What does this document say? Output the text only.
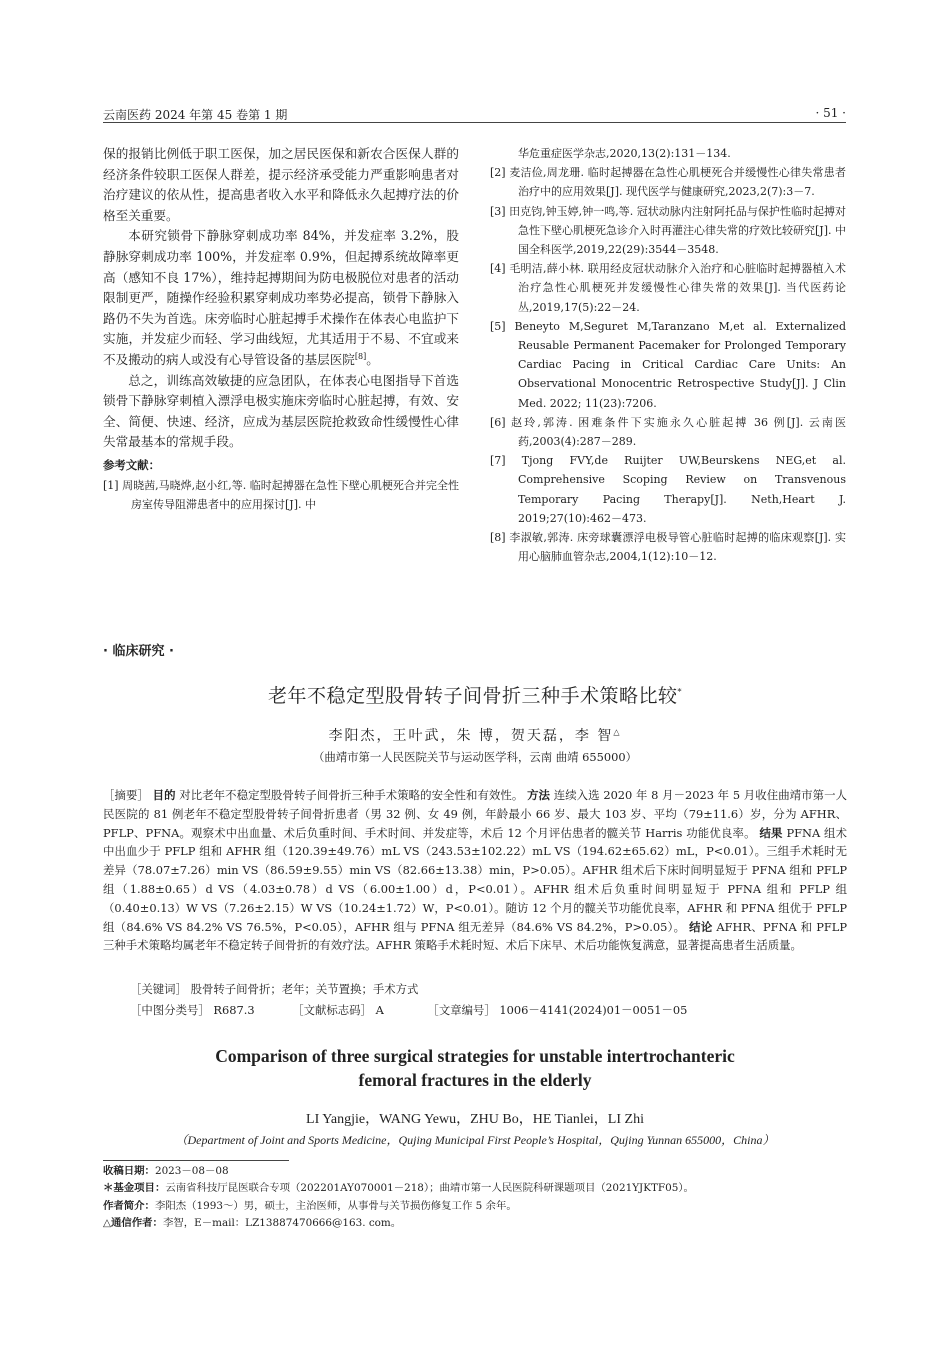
云南医药 2024 年第 45 卷第 1 期	· 51 ·

保的报销比例低于职工医保，加之居民医保和新农合医保人群的经济条件较职工医保人群差，提示经济承受能力严重影响患者对治疗建议的依从性，提高患者收入水平和降低永久起搏疗法的价格至关重要。

本研究锁骨下静脉穿刺成功率 84%，并发症率 3.2%，股静脉穿刺成功率 100%，并发症率 0.9%，但起搏系统故障率更高（感知不良 17%），维持起搏期间为防电极脱位对患者的活动限制更严，随操作经验积累穿刺成功率势必提高，锁骨下静脉入路仍不失为首选。床旁临时心脏起搏手术操作在体表心电监护下实施，并发症少而轻、学习曲线短，尤其适用于不易、不宜或来不及搬动的病人或没有心导管设备的基层医院[8]。

总之，训练高效敏捷的应急团队，在体表心电图指导下首选锁骨下静脉穿刺植入漂浮电极实施床旁临时心脏起搏，有效、安全、简便、快速、经济，应成为基层医院抢救致命性缓慢性心律失常最基本的常规手段。

参考文献：

[1] 周晓茜,马晓烨,赵小红,等. 临时起搏器在急性下壁心肌梗死合并完全性房室传导阻滞患者中的应用探讨[J]. 中

华危重症医学杂志,2020,13(2):131－134.

[2] 麦洁俭,周龙珊. 临时起搏器在急性心肌梗死合并缓慢性心律失常患者治疗中的应用效果[J]. 现代医学与健康研究,2023,2(7):3－7.

[3] 田克钧,钟玉婷,钟一鸣,等. 冠状动脉内注射阿托品与保护性临时起搏对急性下壁心肌梗死急诊介入时再灌注心律失常的疗效比较研究[J]. 中国全科医学,2019,22(29):3544－3548.

[4] 毛明洁,薛小林. 联用经皮冠状动脉介入治疗和心脏临时起搏器植入术治疗急性心肌梗死并发缓慢性心律失常的效果[J]. 当代医药论丛,2019,17(5):22－24.

[5] Beneyto M,Seguret M,Taranzano M,et al. Externalized Reusable Permanent Pacemaker for Prolonged Temporary Cardiac Pacing in Critical Cardiac Care Units: An Observational Monocentric Retrospective Study[J]. J Clin Med. 2022; 11(23):7206.

[6] 赵玲,郭涛. 困难条件下实施永久心脏起搏 36 例[J]. 云南医药,2003(4):287－289.

[7] Tjong FVY,de Ruijter UW,Beurskens NEG,et al. Comprehensive Scoping Review on Transvenous Temporary Pacing Therapy[J]. Neth,Heart J. 2019;27(10):462－473.

[8] 李淑敏,郭涛. 床旁球囊漂浮电极导管心脏临时起搏的临床观察[J]. 实用心脑肺血管杂志,2004,1(12):10－12.

· 临床研究 ·
老年不稳定型股骨转子间骨折三种手术策略比较*
李阳杰，王叶武，朱 博，贺天磊，李 智△
（曲靖市第一人民医院关节与运动医学科，云南 曲靖 655000）
［摘要］ 目的 对比老年不稳定型股骨转子间骨折三种手术策略的安全性和有效性。 方法 连续入选 2020 年 8 月－2023 年 5 月收住曲靖市第一人民医院的 81 例老年不稳定型股骨转子间骨折患者（男 32 例、女 49 例，年龄最小 66 岁、最大 103 岁、平均（79±11.6）岁，分为 AFHR、PFLP、PFNA。观察术中出血量、术后负重时间、手术时间、并发症等，术后 12 个月评估患者的髋关节 Harris 功能优良率。 结果 PFNA 组术中出血少于 PFLP 组和 AFHR 组（120.39±49.76）mL VS（243.53±102.22）mL VS（194.62±65.62）mL，P<0.01）。三组手术耗时无差异（78.07±7.26）min VS（86.59±9.55）min VS（82.66±13.38）min，P>0.05）。AFHR 组术后下床时间明显短于 PFNA 组和 PFLP 组（1.88±0.65）d VS（4.03±0.78）d VS（6.00±1.00）d，P<0.01）。AFHR 组术后负重时间明显短于 PFNA 组和 PFLP 组（0.40±0.13）W VS（7.26±2.15）W VS（10.24±1.72）W，P<0.01）。随访 12 个月的髋关节功能优良率，AFHR 和 PFNA 组优于 PFLP 组（84.6% VS 84.2% VS 76.5%，P<0.05），AFHR 组与 PFNA 组无差异（84.6% VS 84.2%，P>0.05）。 结论 AFHR、PFNA 和 PFLP 三种手术策略均属老年不稳定转子间骨折的有效疗法。AFHR 策略手术耗时短、术后下床早、术后功能恢复满意，显著提高患者生活质量。
［关键词］ 股骨转子间骨折；老年；关节置换；手术方式
［中图分类号］ R687.3	［文献标志码］ A	［文章编号］ 1006－4141(2024)01－0051－05
Comparison of three surgical strategies for unstable intertrochanteric
femoral fractures in the elderly
LI Yangjie，WANG Yewu，ZHU Bo，HE Tianlei，LI Zhi
（Department of Joint and Sports Medicine，Qujing Municipal First People’s Hospital，Qujing Yunnan 655000，China）
收稿日期：2023－08－08
＊基金项目：云南省科技厅昆医联合专项（202201AY070001－218）；曲靖市第一人民医院科研课题项目（2021YJKTF05）。
作者简介：李阳杰（1993～）男，硕士，主治医师，从事骨与关节损伤修复工作 5 余年。
△通信作者：李智，E－mail：LZ13887470666@163. com。
